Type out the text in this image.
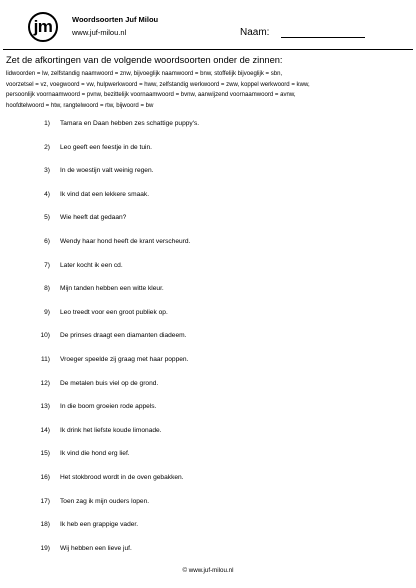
jm	Woordsoorten Juf Milou
www.juf-milou.nl	Naam:
Zet de afkortingen van de volgende woordsoorten onder de zinnen:
lidwoorden = lw, zelfstandig naamwoord = znw, bijvoeglijk naamwoord = bnw, stoffelijk bijvoeglijk = sbn,
voorzetsel = vz, voegwoord = vw, hulpwerkwoord = hww, zelfstandig werkwoord = zww, koppel werkwoord = kww,
persoonlijk voornaamwoord = pvnw, bezittelijk voornaamwoord = bvnw, aanwijzend voornaamwoord = avnw,
hoofdtelwoord = htw, rangtelwoord = rtw, bijwoord = bw
1) Tamara en Daan hebben zes schattige puppy's.
2) Leo geeft een feestje in de tuin.
3) In de woestijn valt weinig regen.
4) Ik vind dat een lekkere smaak.
5) Wie heeft dat gedaan?
6) Wendy haar hond heeft de krant verscheurd.
7) Later kocht ik een cd.
8) Mijn tanden hebben een witte kleur.
9) Leo treedt voor een groot publiek op.
10) De prinses draagt een diamanten diadeem.
11) Vroeger speelde zij graag met haar poppen.
12) De metalen buis viel op de grond.
13) In die boom groeien rode appels.
14) Ik drink het liefste koude limonade.
15) Ik vind die hond erg lief.
16) Het stokbrood wordt in de oven gebakken.
17) Toen zag ik mijn ouders lopen.
18) Ik heb een grappige vader.
19) Wij hebben een lieve juf.
© www.juf-milou.nl
